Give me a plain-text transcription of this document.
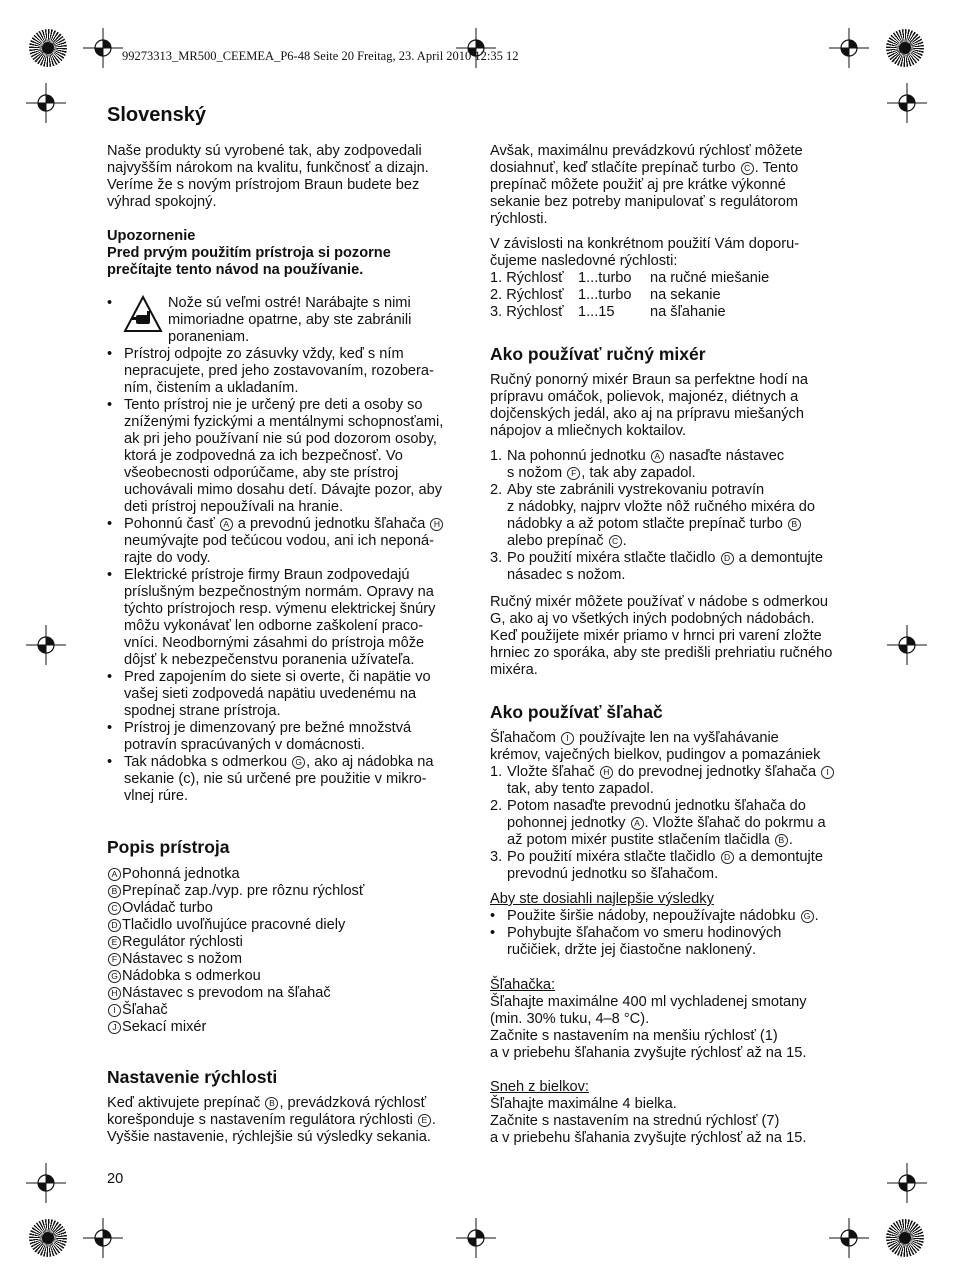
99273313_MR500_CEEMEA_P6-48 Seite 20 Freitag, 23. April 2010 12:35 12
Slovenský
Naše produkty sú vyrobené tak, aby zodpovedali
najvyšším nárokom na kvalitu, funkčnosť a dizajn.
Veríme že s novým prístrojom Braun budete bez
výhrad spokojný.
Upozornenie
Pred prvým použitím prístroja si pozorne
prečítajte tento návod na používanie.
•	Nože sú veľmi ostré! Narábajte s nimi
mimoriadne opatrne, aby ste zabránili
poraneniam.
• Prístroj odpojte zo zásuvky vždy, keď s ním
nepracujete, pred jeho zostavovaním, rozobera-
ním, čistením a ukladaním.
• Tento prístroj nie je určený pre deti a osoby so
zníženými fyzickými a mentálnymi schopnosťami,
ak pri jeho používaní nie sú pod dozorom osoby,
ktorá je zodpovedná za ich bezpečnosť. Vo
všeobecnosti odporúčame, aby ste prístroj
uchovávali mimo dosahu detí. Dávajte pozor, aby
deti prístroj nepoužívali na hranie.
• Pohonnú časť A a prevodnú jednotku šľahača H
neumývajte pod tečúcou vodou, ani ich neponá-
rajte do vody.
• Elektrické prístroje firmy Braun zodpovedajú
príslušným bezpečnostným normám. Opravy na
týchto prístrojoch resp. výmenu elektrickej šnúry
môžu vykonávať len odborne zaškolení praco-
vníci. Neodbornými zásahmi do prístroja môže
dôjsť k nebezpečenstvu poranenia užívateľa.
• Pred zapojením do siete si overte, či napätie vo
vašej sieti zodpovedá napätiu uvedenému na
spodnej strane prístroja.
• Prístroj je dimenzovaný pre bežné množstvá
potravín spracúvaných v domácnosti.
• Tak nádobka s odmerkou G , ako aj nádobka na
sekanie (c), nie sú určené pre použitie v mikro-
vlnej rúre.
Popis prístroja
A Pohonná jednotka
B Prepínač zap./vyp. pre rôznu rýchlosť
C Ovládač turbo
D Tlačidlo uvoľňujúce pracovné diely
E Regulátor rýchlosti
F Nástavec s nožom
G Nádobka s odmerkou
H Nástavec s prevodom na šľahač
I Šľahač
J Sekací mixér
Nastavenie rýchlosti
Keď aktivujete prepínač B , prevádzková rýchlosť
korešponduje s nastavením regulátora rýchlosti E .
Vyššie nastavenie, rýchlejšie sú výsledky sekania.
Avšak, maximálnu prevádzkovú rýchlosť môžete
dosiahnuť, keď stlačíte prepínač turbo C . Tento
prepínač môžete použiť aj pre krátke výkonné
sekanie bez potreby manipulovať s regulátorom
rýchlosti.
V závislosti na konkrétnom použití Vám doporu-
čujeme nasledovné rýchlosti:
1. Rýchlosť 1...turbo na ručné miešanie
2. Rýchlosť 1...turbo na sekanie
3. Rýchlosť 1...15 na šľahanie
Ako používať ručný mixér
Ručný ponorný mixér Braun sa perfektne hodí na
prípravu omáčok, polievok, majonéz, diétnych a
dojčenských jedál, ako aj na prípravu miešaných
nápojov a mliečnych koktailov.
1. Na pohonnú jednotku A nasaďte nástavec
s nožom F , tak aby zapadol.
2. Aby ste zabránili vystrekovaniu potravín
z nádobky, najprv vložte nôž ručného mixéra do
nádobky a až potom stlačte prepínač turbo B
alebo prepínač C .
3. Po použití mixéra stlačte tlačidlo D a demontujte
násadec s nožom.
Ručný mixér môžete používať v nádobe s odmerkou
G, ako aj vo všetkých iných podobných nádobách.
Keď použijete mixér priamo v hrnci pri varení zložte
hrniec zo sporáka, aby ste predišli prehriatiu ručného
mixéra.
Ako používať šľahač
Šľahačom I používajte len na vyšľahávanie
krémov, vaječných bielkov, pudingov a pomazániek
1. Vložte šľahač H do prevodnej jednotky šľahača I
tak, aby tento zapadol.
2. Potom nasaďte prevodnú jednotku šľahača do
pohonnej jednotky A . Vložte šľahač do pokrmu a
až potom mixér pustite stlačením tlačidla B .
3. Po použití mixéra stlačte tlačidlo D a demontujte
prevodnú jednotku so šľahačom.
Aby ste dosiahli najlepšie výsledky
• Použite širšie nádoby, nepoužívajte nádobku G .
• Pohybujte šľahačom vo smeru hodinových
ručičiek, držte jej čiastočne naklonený.
Šľahačka:
Šľahajte maximálne 400 ml vychladenej smotany
(min. 30% tuku, 4–8 °C).
Začnite s nastavením na menšiu rýchlosť (1)
a v priebehu šľahania zvyšujte rýchlosť až na 15.
Sneh z bielkov:
Šľahajte maximálne 4 bielka.
Začnite s nastavením na strednú rýchlosť (7)
a v priebehu šľahania zvyšujte rýchlosť až na 15.
20
